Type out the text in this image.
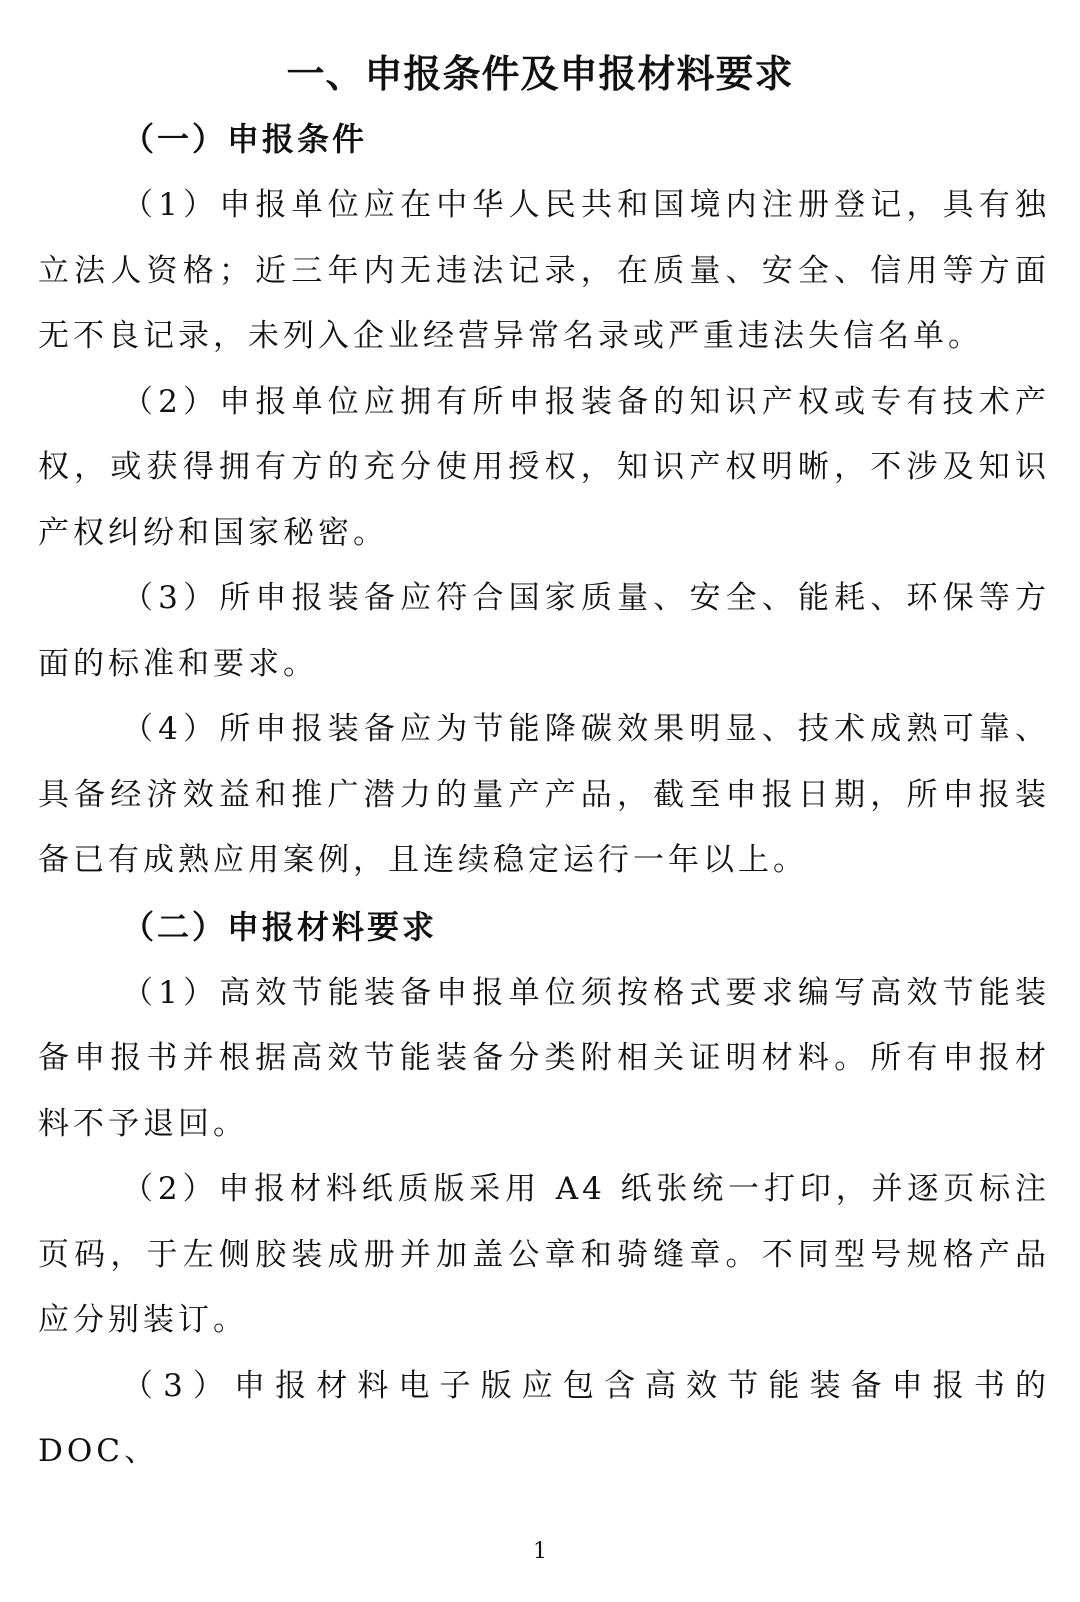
一、申报条件及申报材料要求
（一）申报条件

（1）申报单位应在中华人民共和国境内注册登记，具有独立法人资格；近三年内无违法记录，在质量、安全、信用等方面无不良记录，未列入企业经营异常名录或严重违法失信名单。

（2）申报单位应拥有所申报装备的知识产权或专有技术产权，或获得拥有方的充分使用授权，知识产权明晰，不涉及知识产权纠纷和国家秘密。

（3）所申报装备应符合国家质量、安全、能耗、环保等方面的标准和要求。

（4）所申报装备应为节能降碳效果明显、技术成熟可靠、具备经济效益和推广潜力的量产产品，截至申报日期，所申报装备已有成熟应用案例，且连续稳定运行一年以上。

（二）申报材料要求

（1）高效节能装备申报单位须按格式要求编写高效节能装备申报书并根据高效节能装备分类附相关证明材料。所有申报材料不予退回。

（2）申报材料纸质版采用 A4 纸张统一打印，并逐页标注页码，于左侧胶装成册并加盖公章和骑缝章。不同型号规格产品应分别装订。

（3）申报材料电子版应包含高效节能装备申报书的 DOC、

1
